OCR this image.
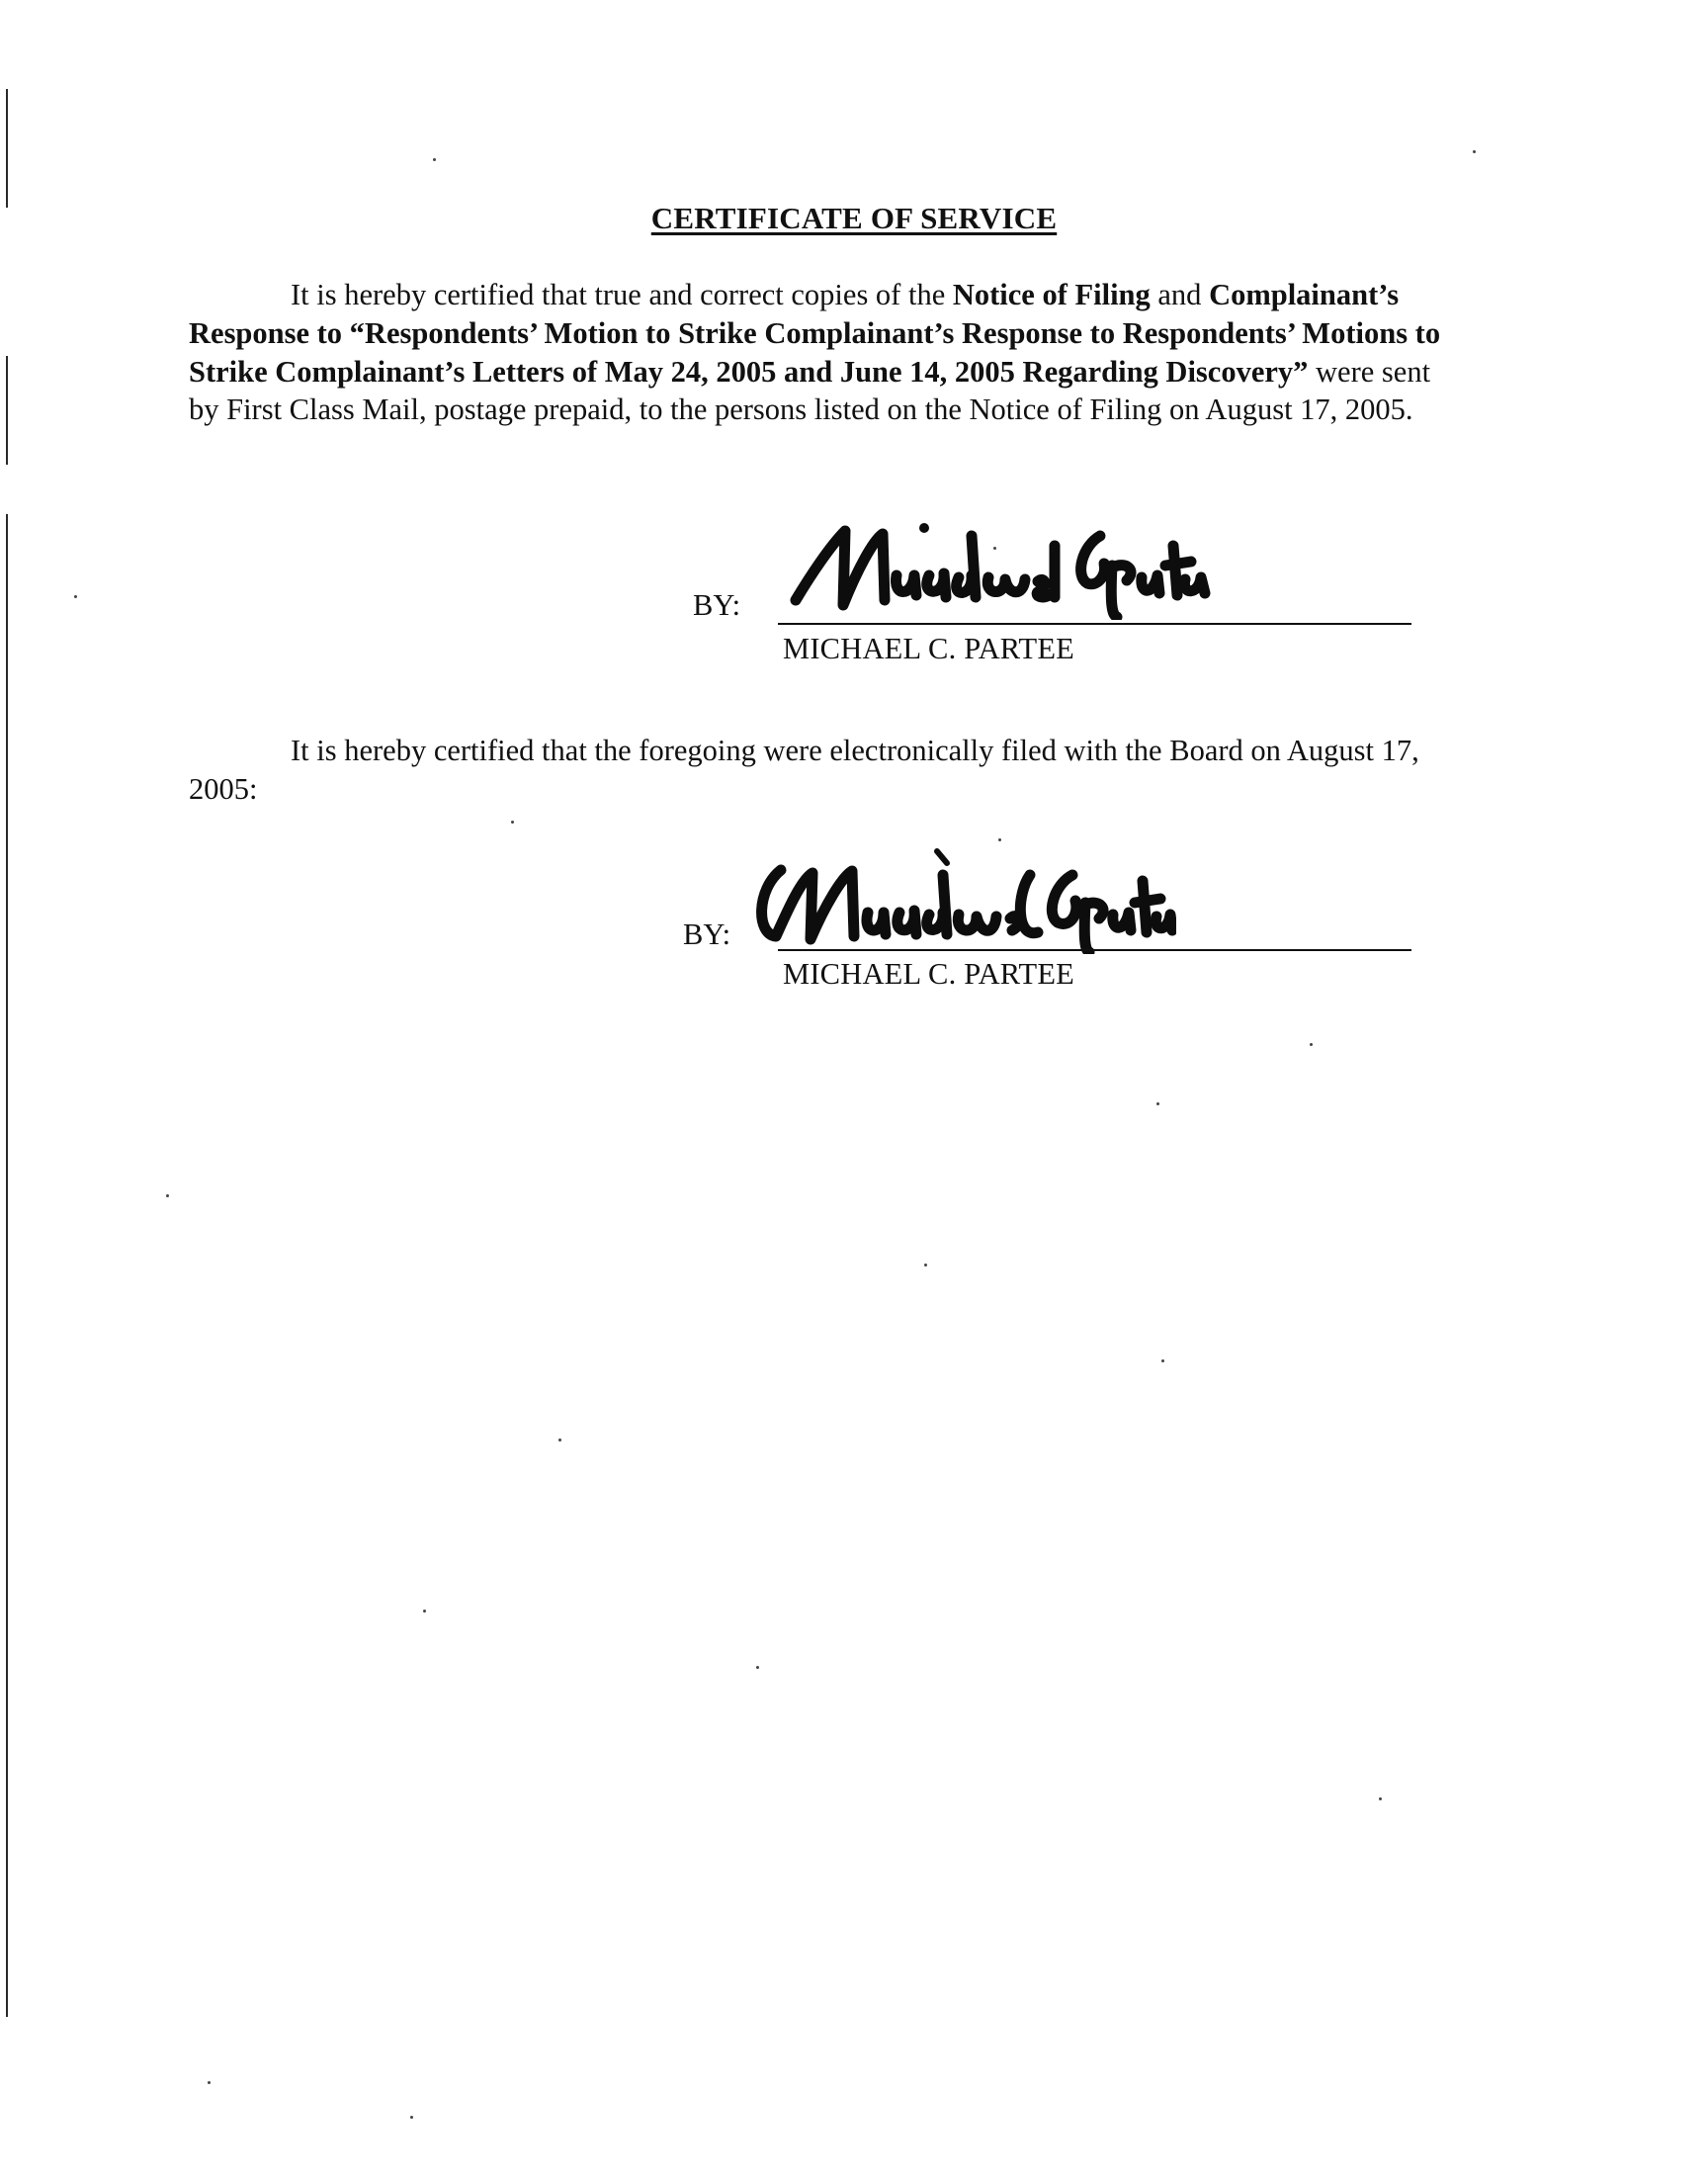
CERTIFICATE OF SERVICE

It is hereby certified that true and correct copies of the Notice of Filing and Complainant’s Response to “Respondents’ Motion to Strike Complainant’s Response to Respondents’ Motions to Strike Complainant’s Letters of May 24, 2005 and June 14, 2005 Regarding Discovery” were sent by First Class Mail, postage prepaid, to the persons listed on the Notice of Filing on August 17, 2005.

BY:
MICHAEL C. PARTEE

It is hereby certified that the foregoing were electronically filed with the Board on August 17, 2005:

BY:
MICHAEL C. PARTEE
